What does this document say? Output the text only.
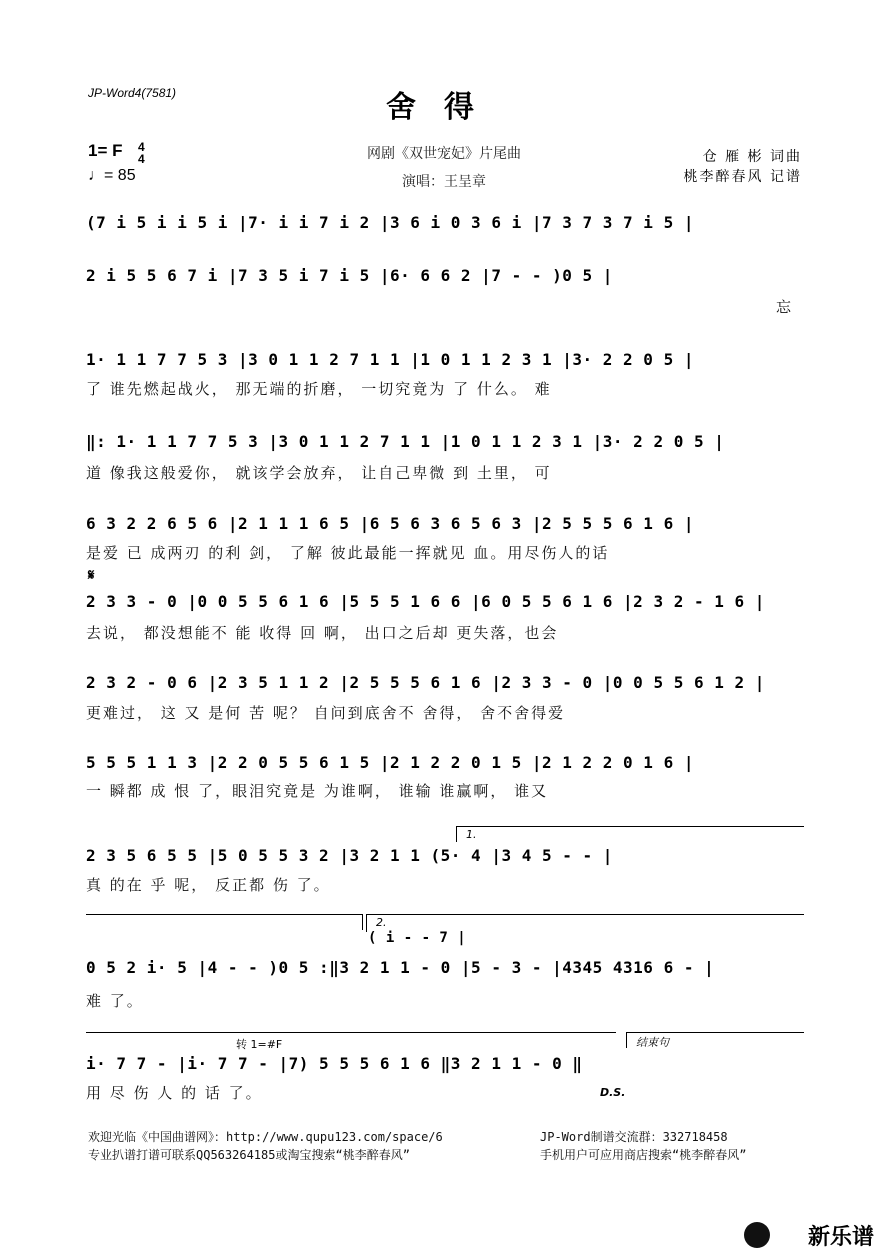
JP-Word4(7581)	舍得
网剧《双世宠妃》片尾曲
演唱：王呈章
1= F 4
4
♩= 85
仓 雁 彬 词曲
桃李醉春风 记谱
(7 i 5 i i 5 i |7· i i 7 i 2 |3 6 i 0 3 6 i |7 3 7 3 7 i 5 |
2 i 5 5 6 7 i |7 3 5 i 7 i 5 |6· 6 6 2 |7 - - )0 5 |
忘
1· 1 1 7 7 5 3 |3 0 1 1 2 7 1 1 |1 0 1 1 2 3 1 |3· 2 2 0 5 |
了 谁先燃起战火， 那无端的折磨， 一切究竟为 了 什么。 难
‖: 1· 1 1 7 7 5 3 |3 0 1 1 2 7 1 1 |1 0 1 1 2 3 1 |3· 2 2 0 5 |
道 像我这般爱你， 就该学会放弃， 让自己卑微 到 土里， 可
6 3 2 2 6 5 6 |2 1 1 1 6 5 |6 5 6 3 6 5 6 3 |2 5 5 5 6 1 6 |
是爱 已 成两刃 的利 剑， 了解 彼此最能一挥就见 血。用尽伤人的话
𝄋
2 3 3 - 0 |0 0 5 5 6 1 6 |5 5 5 1 6 6 |6 0 5 5 6 1 6 |2 3 2 - 1 6 |
去说， 都没想能不 能 收得 回 啊， 出口之后却 更失落，也会
2 3 2 - 0 6 |2 3 5 1 1 2 |2 5 5 5 6 1 6 |2 3 3 - 0 |0 0 5 5 6 1 2 |
更难过， 这 又 是何 苦 呢？ 自问到底舍不 舍得， 舍不舍得爱
5 5 5 1 1 3 |2 2 0 5 5 6 1 5 |2 1 2 2 0 1 5 |2 1 2 2 0 1 6 |
一 瞬都 成 恨 了，眼泪究竟是 为谁啊， 谁输 谁赢啊， 谁又
1.
2 3 5 6 5 5 |5 0 5 5 3 2 |3 2 1 1 (5· 4 |3 4 5 - - |
真 的在 乎 呢， 反正都 伤 了。
2.
( i - - 7 |
0 5 2 i· 5 |4 - - )0 5 :‖3 2 1 1 - 0 |5 - 3 - |4345 4316 6 - |
难 了。
结束句
转 1=#F
i· 7 7 - |i· 7 7 - |7) 5 5 5 6 1 6 ‖3 2 1 1 - 0 ‖
用 尽 伤 人 的 话 了。	D.S.
欢迎光临《中国曲谱网》：http://www.qupu123.com/space/6
专业扒谱打谱可联系QQ563264185或淘宝搜索“桃李醉春风”
JP-Word制谱交流群：332718458
手机用户可应用商店搜索“桃李醉春风”
新乐谱
